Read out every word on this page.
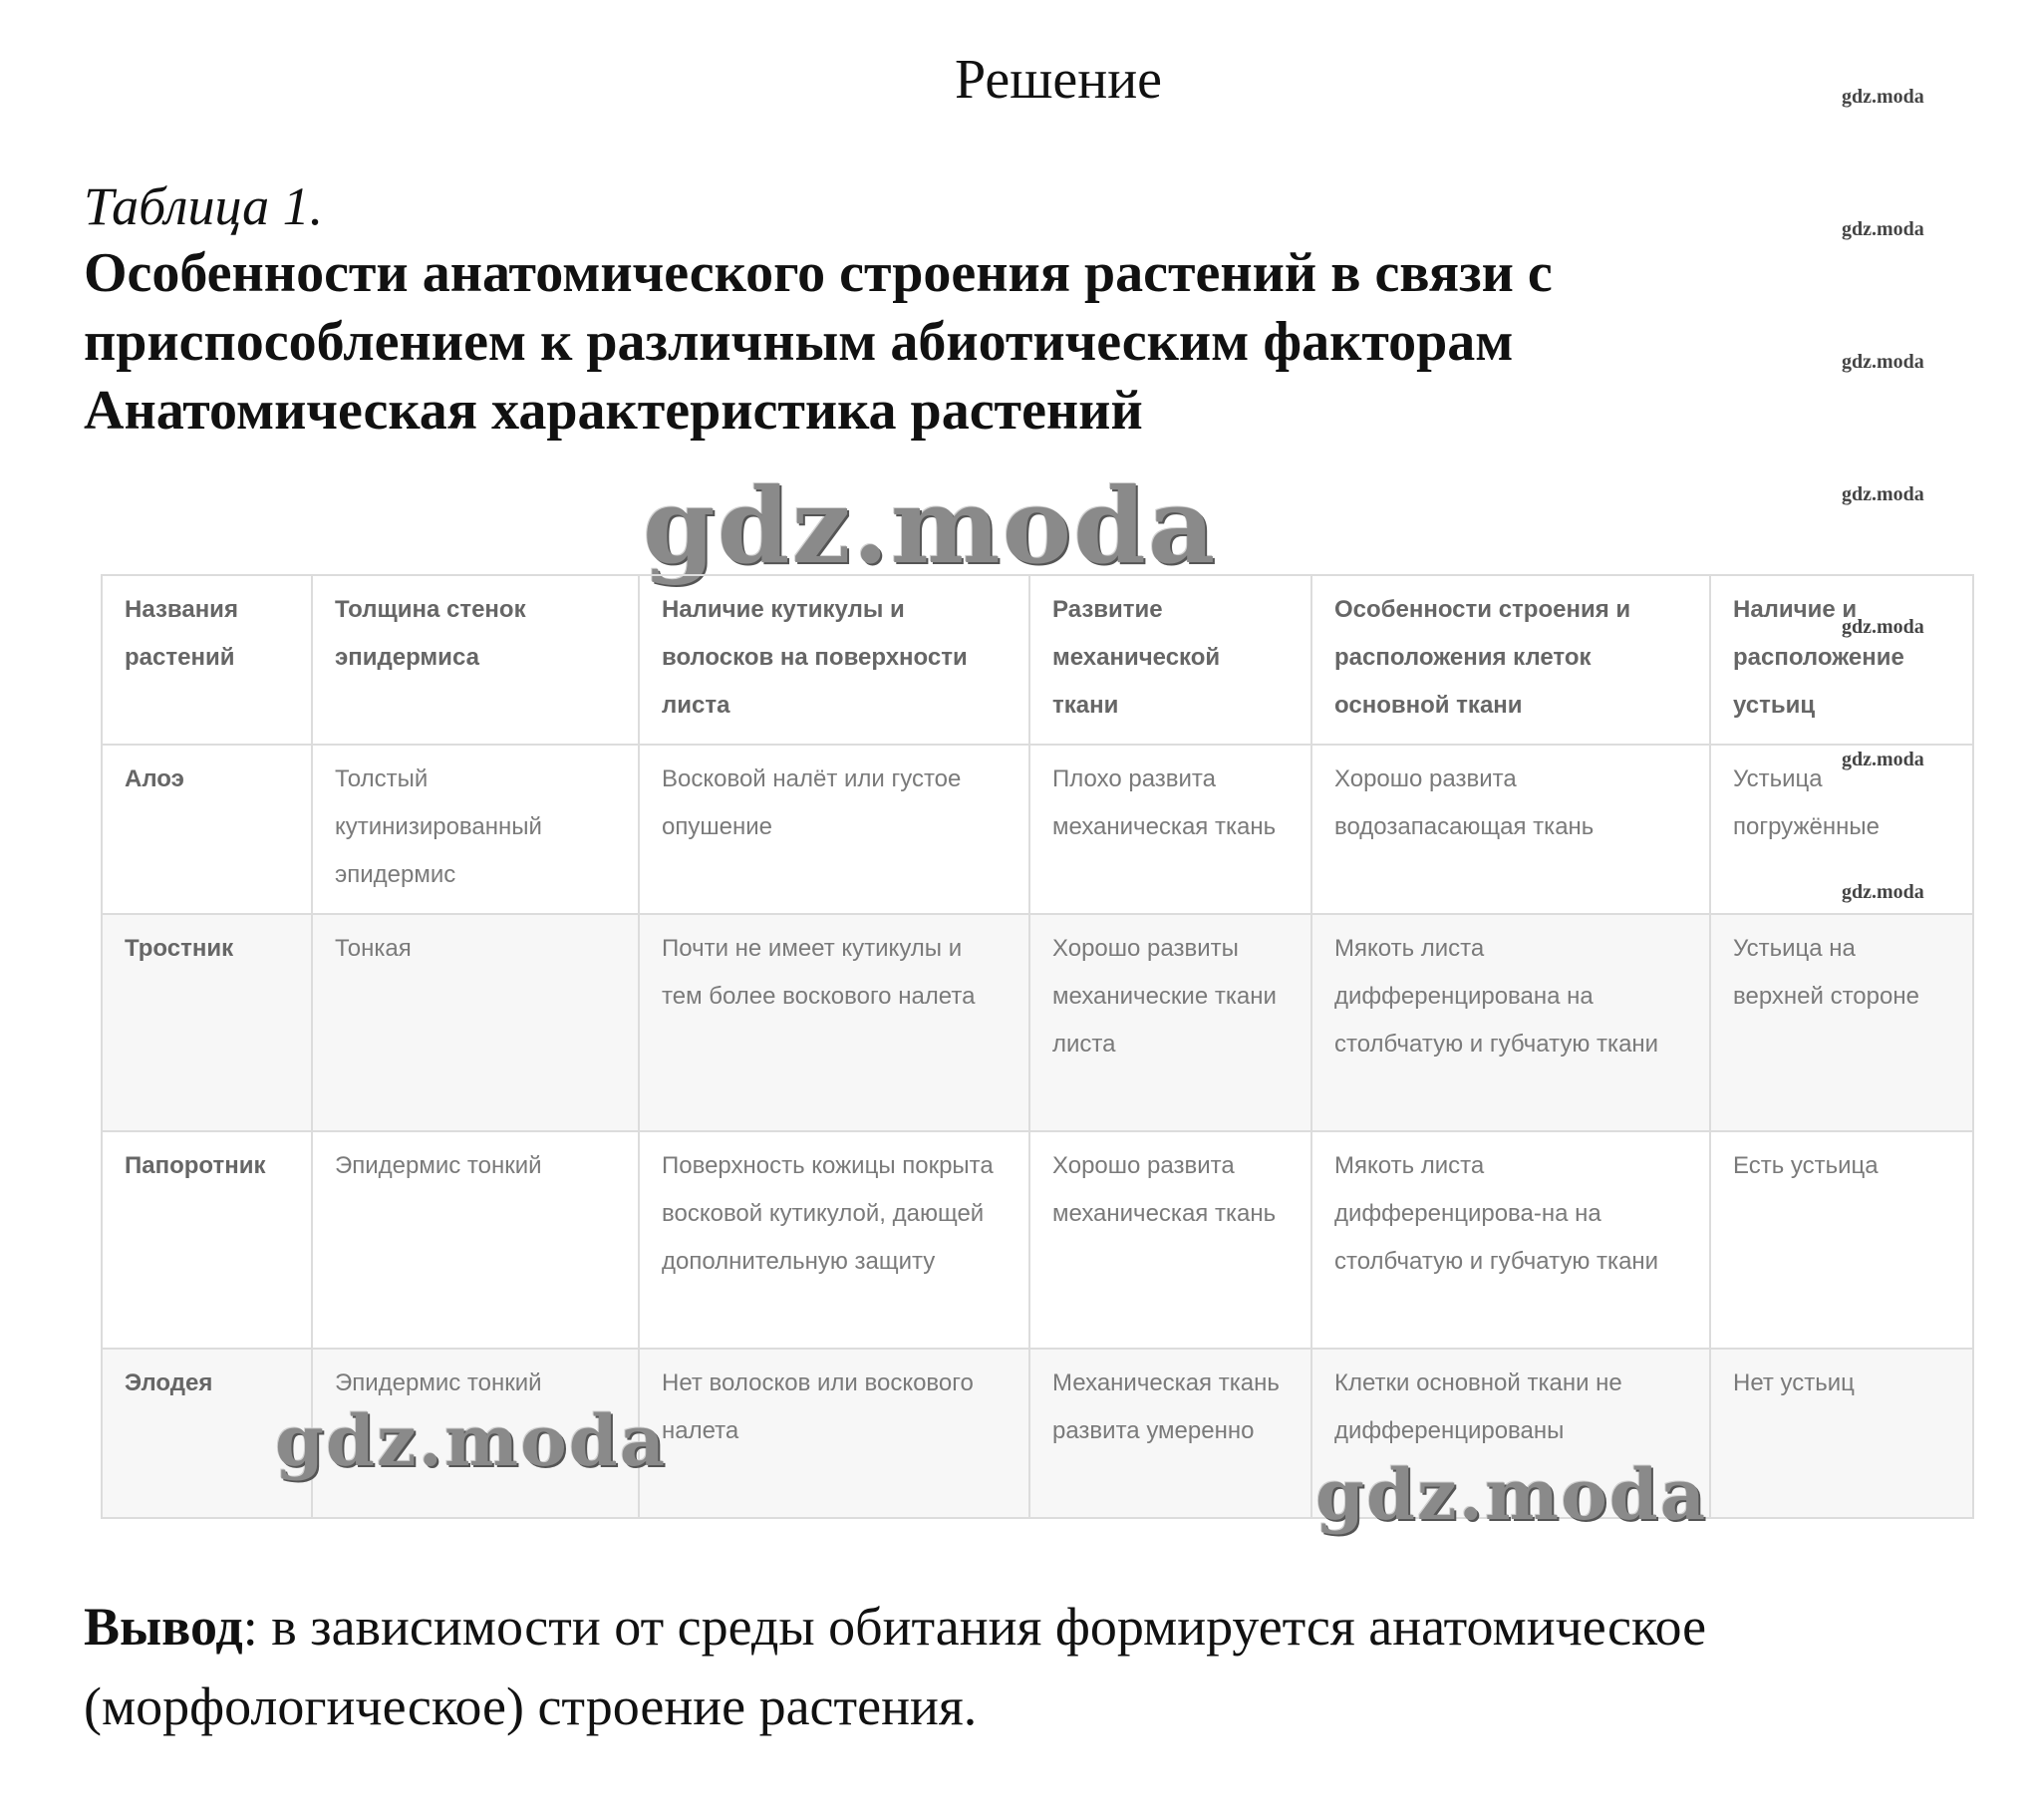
Решение
Таблица 1.
Особенности анатомического строения растений в связи с
приспособлением к различным абиотическим факторам
Анатомическая характеристика растений
gdz.moda
gdz.moda
gdz.moda
gdz.moda
gdz.moda
Названия растений	Толщина стенок эпидермиса	Наличие кутикулы и волосков на поверхности листа	Развитие механической ткани	Особенности строения и расположения клеток основной ткани	Наличие и расположение устьиц
Алоэ	Толстый кутинизированный эпидермис	Восковой налёт или густое опушение	Плохо развита механическая ткань	Хорошо развита водозапасающая ткань	Устьица погружённые
Тростник	Тонкая	Почти не имеет кутикулы и тем более воскового налета	Хорошо развиты механические ткани листа	Мякоть листа дифференцирована на столбчатую и губчатую ткани	Устьица на верхней стороне
Папоротник	Эпидермис тонкий	Поверхность кожицы покрыта восковой кутикулой, дающей дополнительную защиту	Хорошо развита механическая ткань	Мякоть листа дифференцирова-на на столбчатую и губчатую ткани	Есть устьица
Элодея	Эпидермис тонкий	Нет волосков или воскового налета	Механическая ткань развита умеренно	Клетки основной ткани не дифференцированы	Нет устьиц
gdz.moda
gdz.moda
gdz.moda
gdz.moda
gdz.moda
Вывод: в зависимости от среды обитания формируется анатомическое (морфологическое) строение растения.
